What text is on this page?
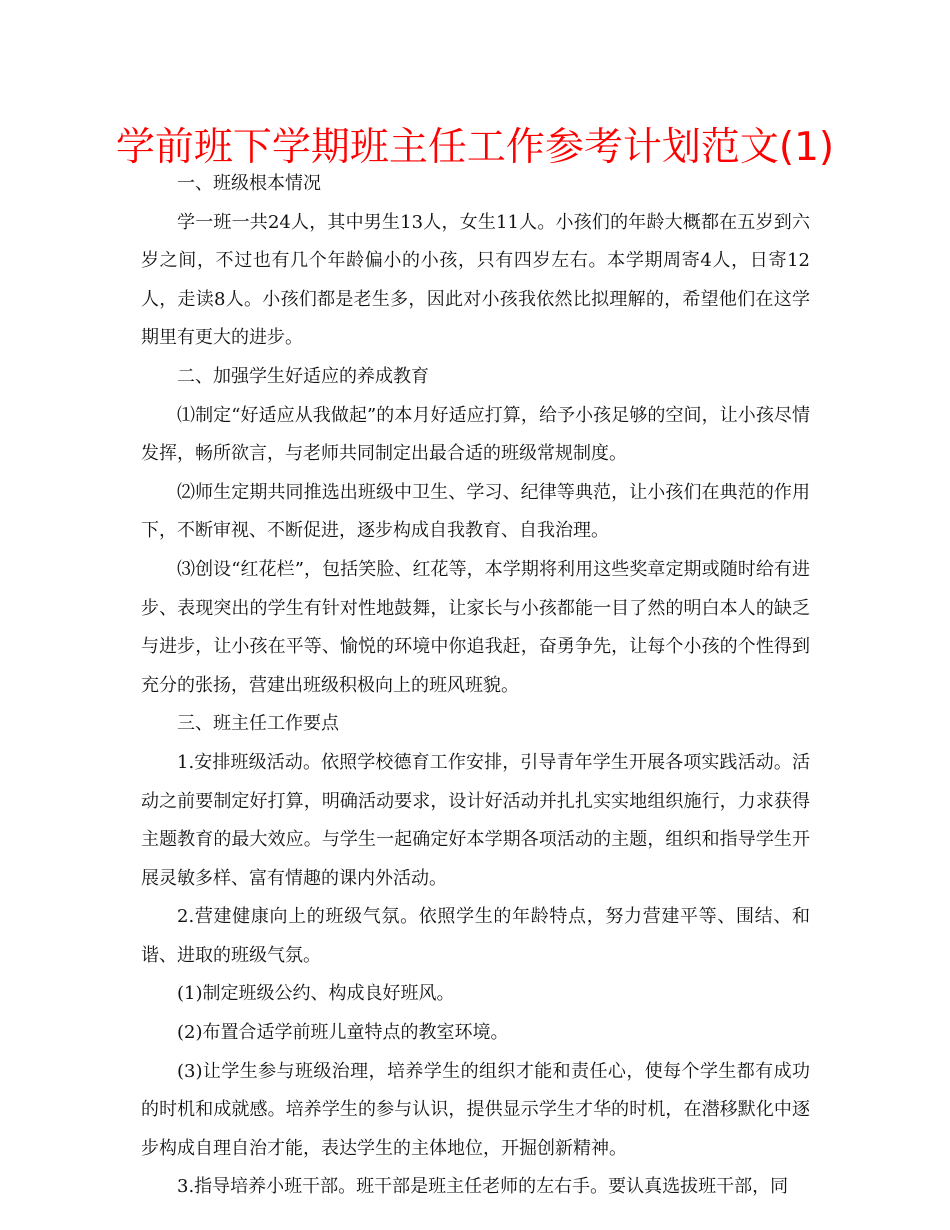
学前班下学期班主任工作参考计划范文(1)

一、班级根本情况

学一班一共24人，其中男生13人，女生11人。小孩们的年龄大概都在五岁到六岁之间，不过也有几个年龄偏小的小孩，只有四岁左右。本学期周寄4人，日寄12人，走读8人。小孩们都是老生多，因此对小孩我依然比拟理解的，希望他们在这学期里有更大的进步。

二、加强学生好适应的养成教育

⑴制定“好适应从我做起”的本月好适应打算，给予小孩足够的空间，让小孩尽情发挥，畅所欲言，与老师共同制定出最合适的班级常规制度。

⑵师生定期共同推选出班级中卫生、学习、纪律等典范，让小孩们在典范的作用下，不断审视、不断促进，逐步构成自我教育、自我治理。

⑶创设“红花栏”，包括笑脸、红花等，本学期将利用这些奖章定期或随时给有进步、表现突出的学生有针对性地鼓舞，让家长与小孩都能一目了然的明白本人的缺乏与进步，让小孩在平等、愉悦的环境中你追我赶，奋勇争先，让每个小孩的个性得到充分的张扬，营建出班级积极向上的班风班貌。

三、班主任工作要点

1.安排班级活动。依照学校德育工作安排，引导青年学生开展各项实践活动。活动之前要制定好打算，明确活动要求，设计好活动并扎扎实实地组织施行，力求获得主题教育的最大效应。与学生一起确定好本学期各项活动的主题，组织和指导学生开展灵敏多样、富有情趣的课内外活动。

2.营建健康向上的班级气氛。依照学生的年龄特点，努力营建平等、围结、和谐、进取的班级气氛。

(1)制定班级公约、构成良好班风。

(2)布置合适学前班儿童特点的教室环境。

(3)让学生参与班级治理，培养学生的组织才能和责任心，使每个学生都有成功的时机和成就感。培养学生的参与认识，提供显示学生才华的时机，在潜移默化中逐步构成自理自治才能，表达学生的主体地位，开掘创新精神。

3.指导培养小班干部。班干部是班主任老师的左右手。要认真选拔班干部，同
